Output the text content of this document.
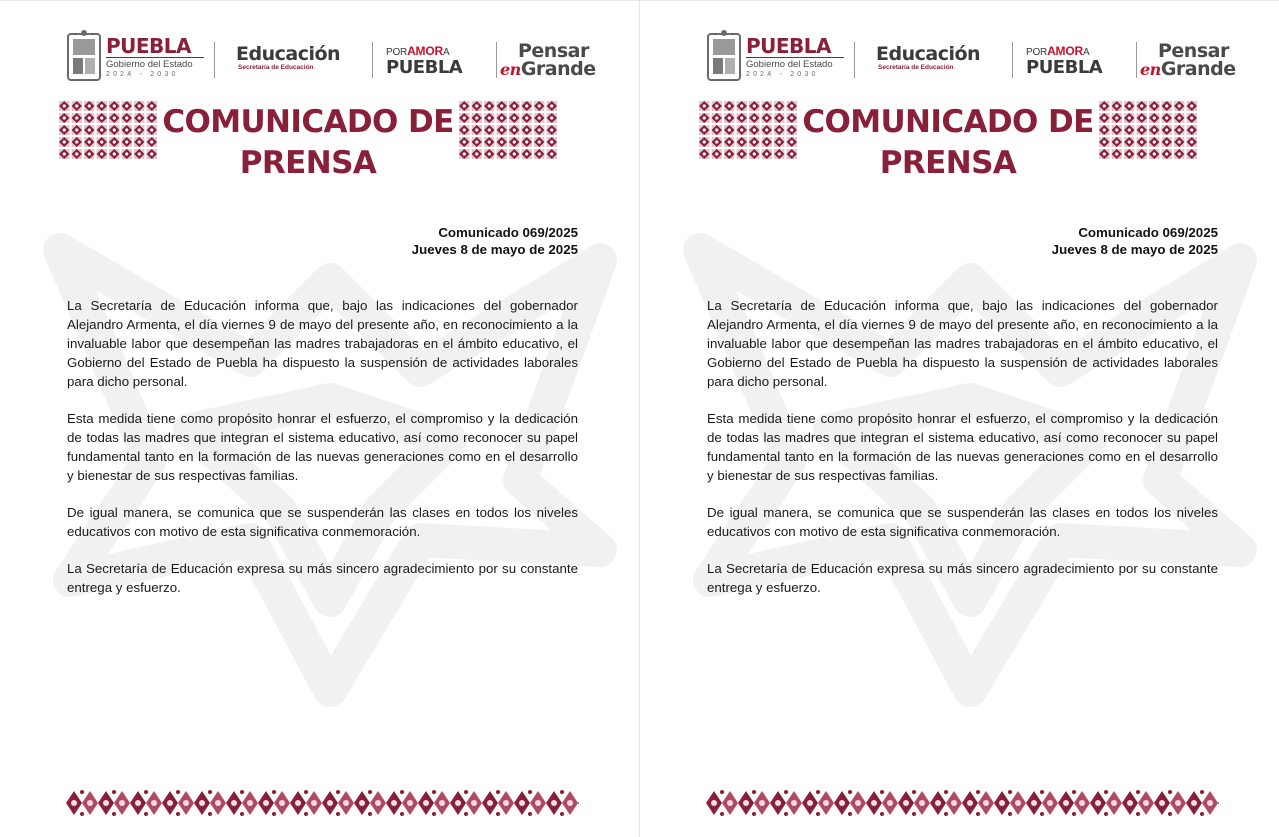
PUEBLA
Gobierno del Estado
2024 - 2030
Educación
Secretaría de Educación
PORAMORA
PUEBLA
Pensar
enGrande
COMUNICADO DE PRENSA
Comunicado 069/2025
Jueves 8 de mayo de 2025

La Secretaría de Educación informa que, bajo las indicaciones del gobernador Alejandro Armenta, el día viernes 9 de mayo del presente año, en reconocimiento a la invaluable labor que desempeñan las madres trabajadoras en el ámbito educativo, el Gobierno del Estado de Puebla ha dispuesto la suspensión de actividades laborales para dicho personal.

Esta medida tiene como propósito honrar el esfuerzo, el compromiso y la dedicación de todas las madres que integran el sistema educativo, así como reconocer su papel fundamental tanto en la formación de las nuevas generaciones como en el desarrollo y bienestar de sus respectivas familias.

De igual manera, se comunica que se suspenderán las clases en todos los niveles educativos con motivo de esta significativa conmemoración.

La Secretaría de Educación expresa su más sincero agradecimiento por su constante entrega y esfuerzo.

PUEBLA
Gobierno del Estado
2024 - 2030
Educación
Secretaría de Educación
PORAMORA
PUEBLA
Pensar
enGrande
COMUNICADO DE PRENSA
Comunicado 069/2025
Jueves 8 de mayo de 2025

La Secretaría de Educación informa que, bajo las indicaciones del gobernador Alejandro Armenta, el día viernes 9 de mayo del presente año, en reconocimiento a la invaluable labor que desempeñan las madres trabajadoras en el ámbito educativo, el Gobierno del Estado de Puebla ha dispuesto la suspensión de actividades laborales para dicho personal.

Esta medida tiene como propósito honrar el esfuerzo, el compromiso y la dedicación de todas las madres que integran el sistema educativo, así como reconocer su papel fundamental tanto en la formación de las nuevas generaciones como en el desarrollo y bienestar de sus respectivas familias.

De igual manera, se comunica que se suspenderán las clases en todos los niveles educativos con motivo de esta significativa conmemoración.

La Secretaría de Educación expresa su más sincero agradecimiento por su constante entrega y esfuerzo.
